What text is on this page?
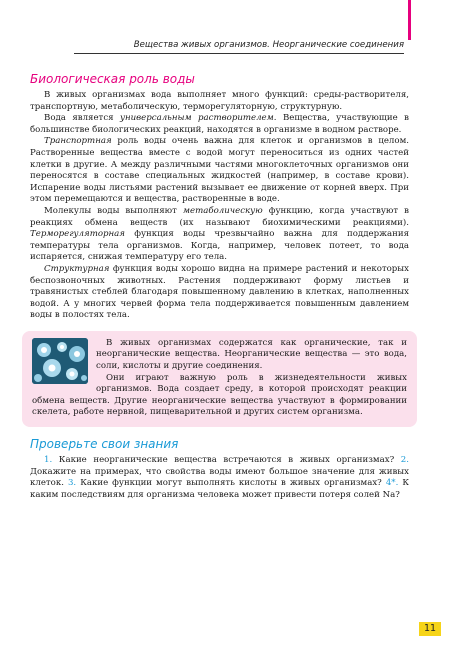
Вещества живых организмов. Неорганические соединения
Биологическая роль воды

В живых организмах вода выполняет много функций: среды-растворителя, транспортную, метаболическую, терморегуляторную, структурную.

Вода является универсальным растворителем. Вещества, участвующие в большинстве биологических реакций, находятся в организме в водном растворе.

Транспортная роль воды очень важна для клеток и организмов в целом. Растворенные вещества вместе с водой могут переноситься из одних частей клетки в другие. А между различными частями многоклеточных организмов они переносятся в составе специальных жидкостей (например, в составе крови). Испарение воды листьями растений вызывает ее движение от корней вверх. При этом перемещаются и вещества, растворенные в воде.

Молекулы воды выполняют метаболическую функцию, когда участвуют в реакциях обмена веществ (их называют биохимическими реакциями). Терморегуляторная функция воды чрезвычайно важна для поддержания температуры тела организмов. Когда, например, человек потеет, то вода испаряется, снижая температуру его тела.

Структурная функция воды хорошо видна на примере растений и некоторых беспозвоночных животных. Растения поддерживают форму листьев и травянистых стеблей благодаря повышенному давлению в клетках, наполненных водой. А у многих червей форма тела поддерживается повышенным давлением воды в полостях тела.

В живых организмах содержатся как органические, так и неорганические вещества. Неорганические вещества — это вода, соли, кислоты и другие соединения.

Они играют важную роль в жизнедеятельности живых организмов. Вода создает среду, в которой происходят реакции обмена веществ. Другие неорганические вещества участвуют в формировании скелета, работе нервной, пищеварительной и других систем организма.

Проверьте свои знания

1. Какие неорганические вещества встречаются в живых организмах? 2. Докажите на примерах, что свойства воды имеют большое значение для живых клеток. 3. Какие функции могут выполнять кислоты в живых организмах? 4*. К каким последствиям для организма человека может привести потеря солей Na?

11
